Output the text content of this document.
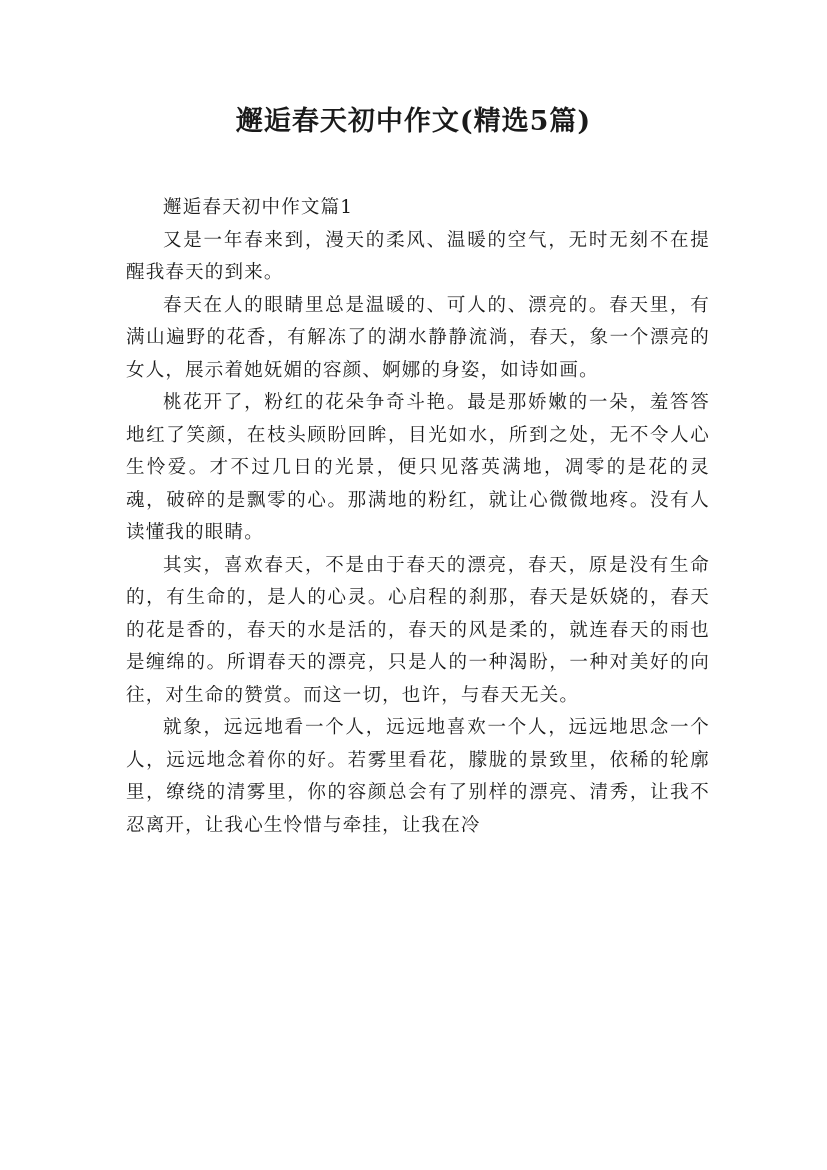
邂逅春天初中作文(精选5篇)

邂逅春天初中作文篇1

又是一年春来到，漫天的柔风、温暖的空气，无时无刻不在提醒我春天的到来。

春天在人的眼睛里总是温暖的、可人的、漂亮的。春天里，有满山遍野的花香，有解冻了的湖水静静流淌，春天，象一个漂亮的女人，展示着她妩媚的容颜、婀娜的身姿，如诗如画。

桃花开了，粉红的花朵争奇斗艳。最是那娇嫩的一朵，羞答答地红了笑颜，在枝头顾盼回眸，目光如水，所到之处，无不令人心生怜爱。才不过几日的光景，便只见落英满地，凋零的是花的灵魂，破碎的是飘零的心。那满地的粉红，就让心微微地疼。没有人读懂我的眼睛。

其实，喜欢春天，不是由于春天的漂亮，春天，原是没有生命的，有生命的，是人的心灵。心启程的刹那，春天是妖娆的，春天的花是香的，春天的水是活的，春天的风是柔的，就连春天的雨也是缠绵的。所谓春天的漂亮，只是人的一种渴盼，一种对美好的向往，对生命的赞赏。而这一切，也许，与春天无关。

就象，远远地看一个人，远远地喜欢一个人，远远地思念一个人，远远地念着你的好。若雾里看花，朦胧的景致里，依稀的轮廓里，缭绕的清雾里，你的容颜总会有了别样的漂亮、清秀，让我不忍离开，让我心生怜惜与牵挂，让我在冷
